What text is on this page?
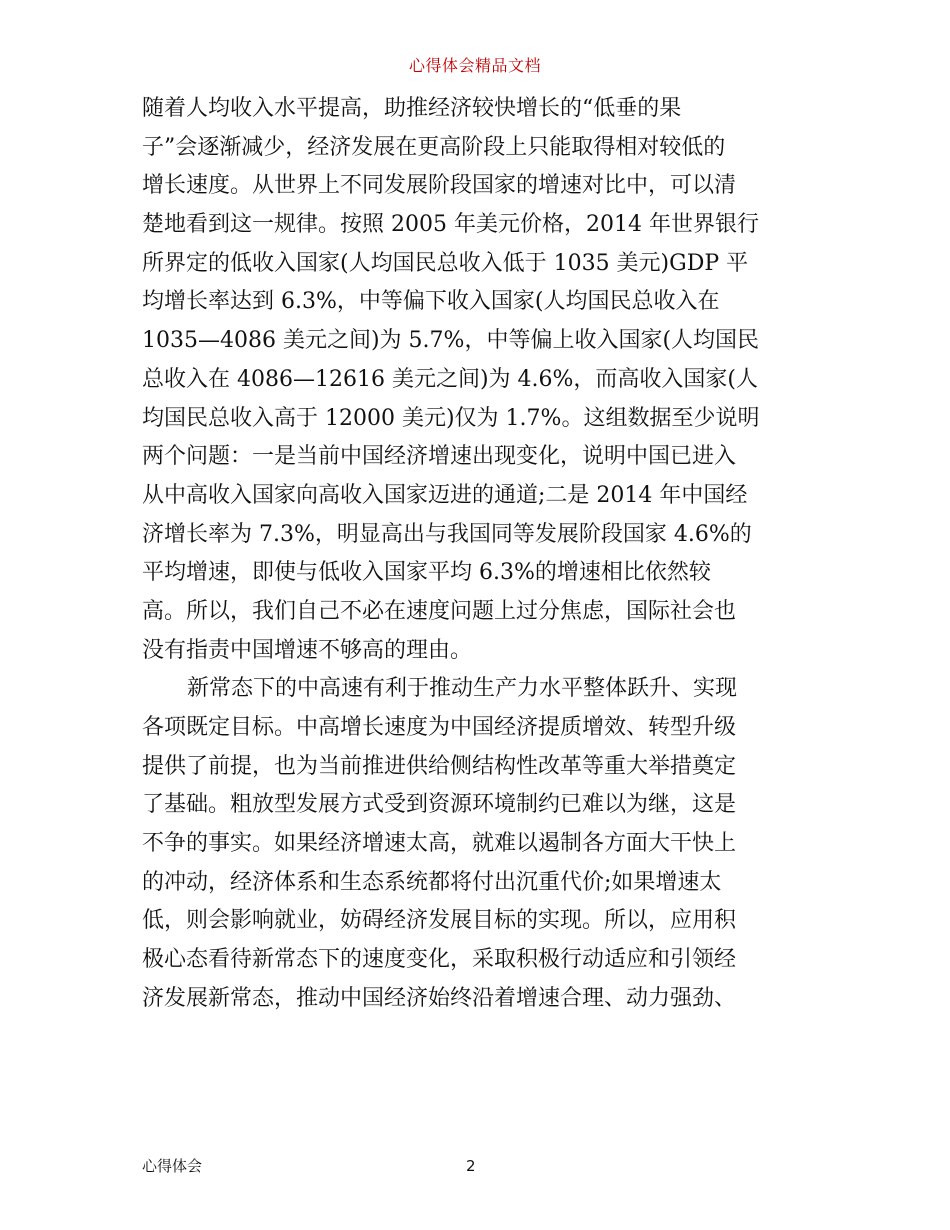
心得体会精品文档
随着人均收入水平提高，助推经济较快增长的“低垂的果
子”会逐渐减少，经济发展在更高阶段上只能取得相对较低的
增长速度。从世界上不同发展阶段国家的增速对比中，可以清
楚地看到这一规律。按照 2005 年美元价格，2014 年世界银行
所界定的低收入国家(人均国民总收入低于 1035 美元)GDP 平
均增长率达到 6.3%，中等偏下收入国家(人均国民总收入在
1035—4086 美元之间)为 5.7%，中等偏上收入国家(人均国民
总收入在 4086—12616 美元之间)为 4.6%，而高收入国家(人
均国民总收入高于 12000 美元)仅为 1.7%。这组数据至少说明
两个问题：一是当前中国经济增速出现变化，说明中国已进入
从中高收入国家向高收入国家迈进的通道;二是 2014 年中国经
济增长率为 7.3%，明显高出与我国同等发展阶段国家 4.6%的
平均增速，即使与低收入国家平均 6.3%的增速相比依然较
高。所以，我们自己不必在速度问题上过分焦虑，国际社会也
没有指责中国增速不够高的理由。
新常态下的中高速有利于推动生产力水平整体跃升、实现
各项既定目标。中高增长速度为中国经济提质增效、转型升级
提供了前提，也为当前推进供给侧结构性改革等重大举措奠定
了基础。粗放型发展方式受到资源环境制约已难以为继，这是
不争的事实。如果经济增速太高，就难以遏制各方面大干快上
的冲动，经济体系和生态系统都将付出沉重代价;如果增速太
低，则会影响就业，妨碍经济发展目标的实现。所以，应用积
极心态看待新常态下的速度变化，采取积极行动适应和引领经
济发展新常态，推动中国经济始终沿着增速合理、动力强劲、
心得体会	2
